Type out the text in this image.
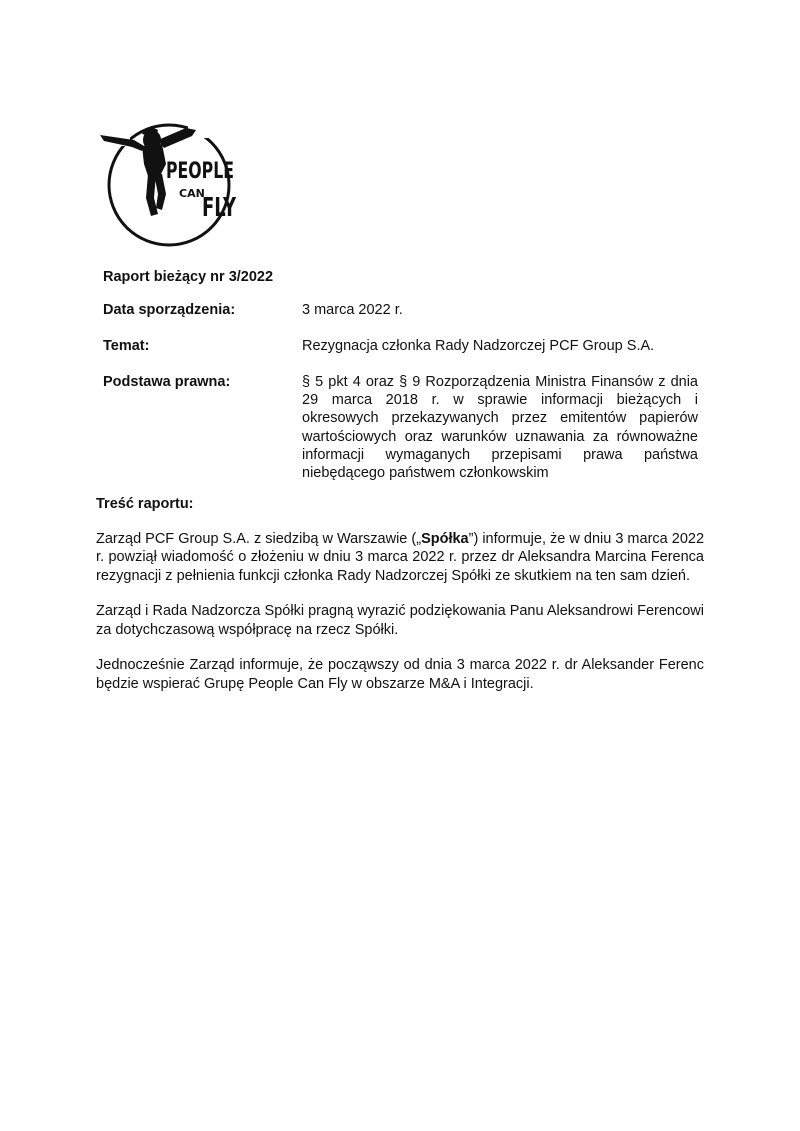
PEOPLE
CAN
FLY
Raport bieżący nr 3/2022
Data sporządzenia:	3 marca 2022 r.
Temat:	Rezygnacja członka Rady Nadzorczej PCF Group S.A.
Podstawa prawna:	§ 5 pkt 4 oraz § 9 Rozporządzenia Ministra Finansów z dnia 29 marca 2018 r. w sprawie informacji bieżących i okresowych przekazywanych przez emitentów papierów wartościowych oraz warunków uznawania za równoważne informacji wymaganych przepisami prawa państwa niebędącego państwem członkowskim
Treść raportu:

Zarząd PCF Group S.A. z siedzibą w Warszawie („Spółka”) informuje, że w dniu 3 marca 2022 r. powziął wiadomość o złożeniu w dniu 3 marca 2022 r. przez dr Aleksandra Marcina Ferenca rezygnacji z pełnienia funkcji członka Rady Nadzorczej Spółki ze skutkiem na ten sam dzień.

Zarząd i Rada Nadzorcza Spółki pragną wyrazić podziękowania Panu Aleksandrowi Ferencowi za dotychczasową współpracę na rzecz Spółki.

Jednocześnie Zarząd informuje, że począwszy od dnia 3 marca 2022 r. dr Aleksander Ferenc będzie wspierać Grupę People Can Fly w obszarze M&A i Integracji.
